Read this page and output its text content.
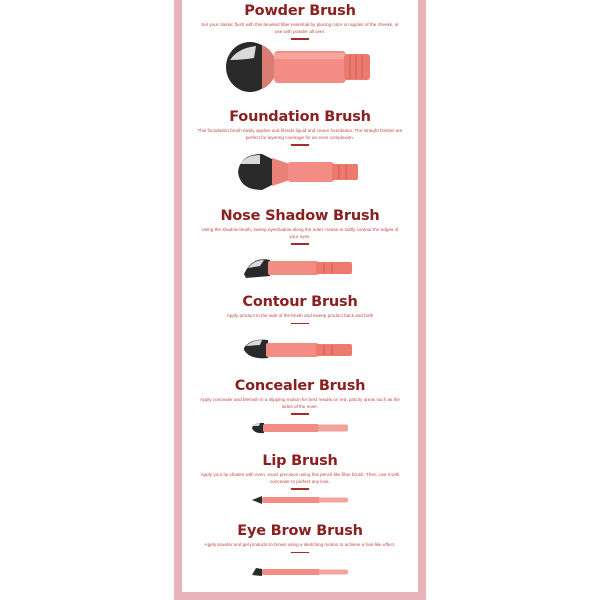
Powder Brush
Set your classic flush with this beveled fiber essential by placing color on apples of the cheeks, or use with powder all over.
Foundation Brush
This foundation brush easily applies and blends liquid and cream foundation. The straight bristles are perfect for layering coverage for an even complexion.
Nose Shadow Brush
Using the shadow brush, sweep eyeshadow along the outer crease to softly contour the edges of your eyes.
Contour Brush
Apply product to the side of the brush and sweep product back and forth
Concealer Brush
Apply concealer and blemish in a stippling motion for best results on red, patchy areas such as the sides of the nose.
Lip Brush
Apply your lip shades with even, exact precision using this pencil-like fiber brush. Then, use it with concealer to perfect any look.
Eye Brow Brush
Apply powder and gel products to brows using a sketching motion to achieve a hair-like effect.
